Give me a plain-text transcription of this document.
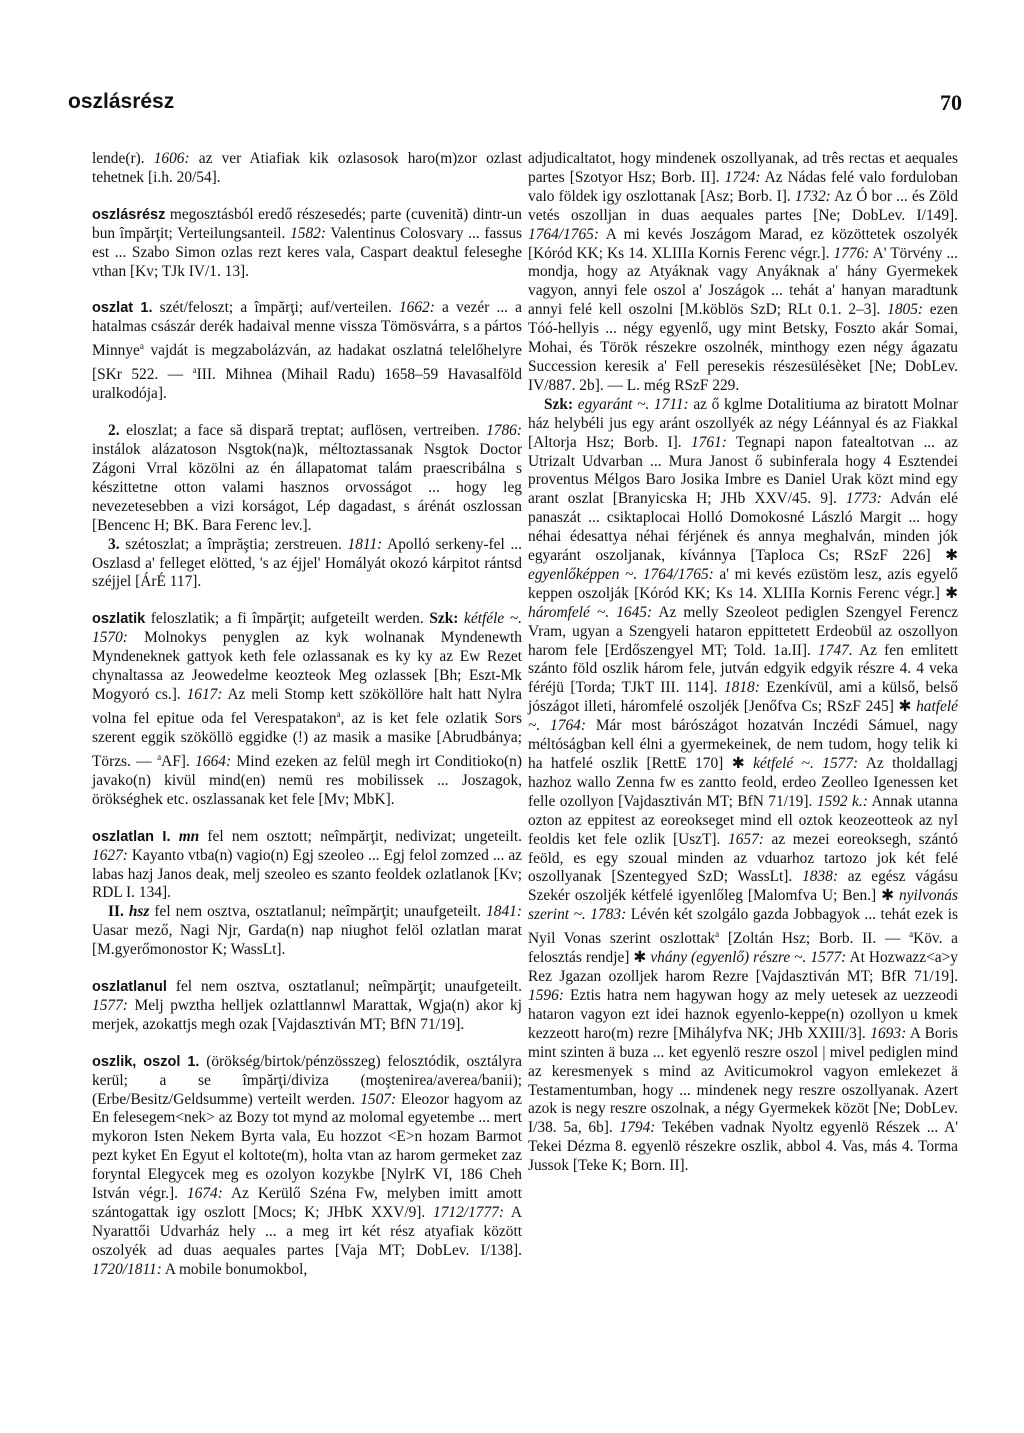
oszlásrész	70

lende(r). 1606: az ver Atiafiak kik ozlasosok haro(m)zor ozlast tehetnek [i.h. 20/54].

oszlásrész megosztásból eredő részesedés; parte (cuvenită) dintr-un bun împărţit; Verteilungsanteil. 1582: Valentinus Colosvary ... fassus est ... Szabo Simon ozlas rezt keres vala, Caspart deaktul feleseghe vthan [Kv; TJk IV/1. 13].

oszlat 1. szét/feloszt; a împărţi; auf/verteilen. 1662: a vezér ... a hatalmas császár derék hadaival menne vissza Tömösvárra, s a pártos Minnye$^a$ vajdát is megzabolázván, az hadakat oszlatná telelőhelyre [SKr 522. — $^a$III. Mihnea (Mihail Radu) 1658–59 Havasalföld uralkodója].

2. eloszlat; a face să dispară treptat; auflösen, vertreiben. 1786: instálok alázatoson Nsgtok(na)k, méltoztassanak Nsgtok Doctor Zágoni Vrral közölni az én állapatomat talám praescribálna s készittetne otton valami hasznos orvosságot ... hogy leg nevezetesebben a vizi korságot, Lép dagadast, s árénát oszlossan [Bencenc H; BK. Bara Ferenc lev.].

3. szétoszlat; a împrăştia; zerstreuen. 1811: Apolló serkeny-fel ... Oszlasd a' felleget elötted, 's az éjjel' Homályát okozó kárpitot rántsd széjjel [ÁrÉ 117].

oszlatik feloszlatik; a fi împărţit; aufgeteilt werden. Szk: kétféle ~. 1570: Molnokys penyglen az kyk wolnanak Myndenewth Myndeneknek gattyok keth fele ozlassanak es ky ky az Ew Rezet chynaltassa az Jeowedelme keozteok Meg ozlassek [Bh; Eszt-Mk Mogyoró cs.]. 1617: Az meli Stomp kett szököllöre halt hatt Nylra volna fel epitue oda fel Verespatakon$^a$, az is ket fele ozlatik Sors szerent eggik szököllö eggidke (!) az masik a masike [Abrudbánya; Törzs. — $^a$AF]. 1664: Mind ezeken az felül megh irt Conditioko(n) javako(n) kivül mind(en) nemü res mobilissek ... Joszagok, örökséghek etc. oszlassanak ket fele [Mv; MbK].

oszlatlan I. mn fel nem osztott; neîmpărţit, nedivizat; ungeteilt. 1627: Kayanto vtba(n) vagio(n) Egj szeoleo ... Egj felol zomzed ... az labas hazj Janos deak, melj szeoleo es szanto feoldek ozlatlanok [Kv; RDL I. 134].

II. hsz fel nem osztva, osztatlanul; neîmpărţit; unaufgeteilt. 1841: Uasar mező, Nagi Njr, Garda(n) nap niughot felöl ozlatlan marat [M.gyerőmonostor K; WassLt].

oszlatlanul fel nem osztva, osztatlanul; neîmpărţit; unaufgeteilt. 1577: Melj pwztha helljek ozlattlannwl Marattak, Wgja(n) akor kj merjek, azokattjs megh ozak [Vajdasztiván MT; BfN 71/19].

oszlik, oszol 1. (örökség/birtok/pénzösszeg) felosztódik, osztályra kerül; a se împărţi/diviza (moştenirea/averea/banii); (Erbe/Besitz/Geldsumme) verteilt werden. 1507: Eleozor hagyom az En felesegem<nek> az Bozy tot mynd az molomal egyetembe ... mert mykoron Isten Nekem Byrta vala, Eu hozzot <E>n hozam Barmot pezt kyket En Egyut el koltote(m), holta vtan az harom germeket zaz foryntal Elegycek meg es ozolyon kozykbe [NylrK VI, 186 Cheh István végr.]. 1674: Az Kerülő Széna Fw, melyben imitt amott szántogattak igy oszlott [Mocs; K; JHbK XXV/9]. 1712/1777: A Nyarattői Udvarház hely ... a meg irt két rész atyafiak között oszolyék ad duas aequales partes [Vaja MT; DobLev. I/138]. 1720/1811: A mobile bonumokbol,

adjudicaltatot, hogy mindenek oszollyanak, ad três rectas et aequales partes [Szotyor Hsz; Borb. II]. 1724: Az Nádas felé valo forduloban valo földek igy oszlottanak [Asz; Borb. I]. 1732: Az Ó bor ... és Zöld vetés oszolljan in duas aequales partes [Ne; DobLev. I/149]. 1764/1765: A mi kevés Joszágom Marad, ez közöttetek oszolyék [Kóród KK; Ks 14. XLIIIa Kornis Ferenc végr.]. 1776: A' Törvény ... mondja, hogy az Atyáknak vagy Anyáknak a' hány Gyermekek vagyon, annyi fele oszol a' Joszágok ... tehát a' hanyan maradtunk annyi felé kell oszolni [M.köblös SzD; RLt 0.1. 2–3]. 1805: ezen Tóó-hellyis ... négy egyenlő, ugy mint Betsky, Foszto akár Somai, Mohai, és Török részekre oszolnék, minthogy ezen négy ágazatu Succession keresik a' Fell peresekis részesülésèket [Ne; DobLev. IV/887. 2b]. — L. még RSzF 229.

Szk: egyaránt ~. 1711: az ő kglme Dotalitiuma az biratott Molnar ház helybéli jus egy aránt oszollyék az négy Léánnyal és az Fiakkal [Altorja Hsz; Borb. I]. 1761: Tegnapi napon fatealtotvan ... az Utrizalt Udvarban ... Mura Janost ő subinferala hogy 4 Esztendei proventus Mélgos Baro Josika Imbre es Daniel Urak közt mind egy arant oszlat [Branyicska H; JHb XXV/45. 9]. 1773: Adván elé panaszát ... csiktaplocai Holló Domokosné László Margit ... hogy néhai édesattya néhai férjének és annya meghalván, minden jók egyaránt oszoljanak, kívánnya [Taploca Cs; RSzF 226] ✱ egyenlőképpen ~. 1764/1765: a' mi kevés ezüstöm lesz, azis egyelő keppen oszolják [Kóród KK; Ks 14. XLIIIa Kornis Ferenc végr.] ✱ háromfelé ~. 1645: Az melly Szeoleot pediglen Szengyel Ferencz Vram, ugyan a Szengyeli hataron eppittetett Erdeobül az oszollyon harom fele [Erdőszengyel MT; Told. 1a.II]. 1747. Az fen emlitett szánto föld oszlik három fele, jutván edgyik edgyik részre 4. 4 veka féréjü [Torda; TJkT III. 114]. 1818: Ezenkívül, ami a külső, belső jószágot illeti, háromfelé oszoljék [Jenőfva Cs; RSzF 245] ✱ hatfelé ~. 1764: Már most bárószágot hozatván Inczédi Sámuel, nagy méltóságban kell élni a gyermekeinek, de nem tudom, hogy telik ki ha hatfelé oszlik [RettE 170] ✱ kétfelé ~. 1577: Az tholdallagj hazhoz wallo Zenna fw es zantto feold, erdeo Zeolleo Igenessen ket felle ozollyon [Vajdasztiván MT; BfN 71/19]. 1592 k.: Annak utanna ozton az eppitest az eoreokseget mind ell oztok keozeotteok az nyl feoldis ket fele ozlik [UszT]. 1657: az mezei eoreoksegh, szántó feöld, es egy szoual minden az vduarhoz tartozo jok két felé oszollyanak [Szentegyed SzD; WassLt]. 1838: az egész vágásu Szekér oszoljék kétfelé igyenlőleg [Malomfva U; Ben.] ✱ nyilvonás szerint ~. 1783: Lévén két szolgálo gazda Jobbagyok ... tehát ezek is Nyil Vonas szerint oszlottak$^a$ [Zoltán Hsz; Borb. II. — $^a$Köv. a felosztás rendje] ✱ vhány (egyenlő) részre ~. 1577: At Hozwazz<a>y Rez Jgazan ozolljek harom Rezre [Vajdasztiván MT; BfR 71/19]. 1596: Eztis hatra nem hagywan hogy az mely uetesek az uezzeodi hataron vagyon ezt idei haznok egyenlo-keppe(n) ozollyon u kmek kezzeott haro(m) rezre [Mihályfva NK; JHb XXIII/3]. 1693: A Boris mint szinten ä buza ... ket egyenlö reszre oszol | mivel pediglen mind az keresmenyek s mind az Aviticumokrol vagyon emlekezet ä Testamentumban, hogy ... mindenek negy reszre oszollyanak. Azert azok is negy reszre oszolnak, a négy Gyermekek közöt [Ne; DobLev. I/38. 5a, 6b]. 1794: Tekében vadnak Nyoltz egyenlö Részek ... A' Tekei Dézma 8. egyenlö részekre oszlik, abbol 4. Vas, más 4. Torma Jussok [Teke K; Born. II].
